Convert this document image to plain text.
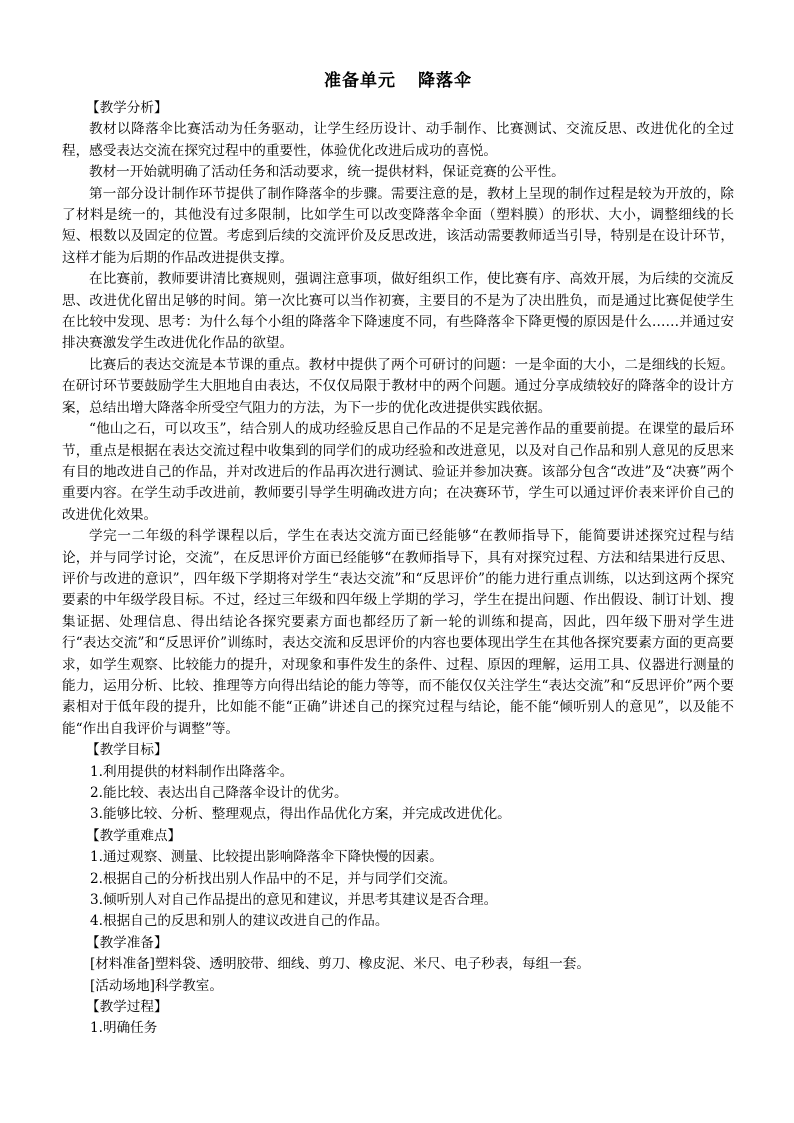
准备单元 降落伞

【教学分析】

教材以降落伞比赛活动为任务驱动，让学生经历设计、动手制作、比赛测试、交流反思、改进优化的全过程，感受表达交流在探究过程中的重要性，体验优化改进后成功的喜悦。

教材一开始就明确了活动任务和活动要求，统一提供材料，保证竞赛的公平性。

第一部分设计制作环节提供了制作降落伞的步骤。需要注意的是，教材上呈现的制作过程是较为开放的，除了材料是统一的，其他没有过多限制，比如学生可以改变降落伞伞面（塑料膜）的形状、大小，调整细线的长短、根数以及固定的位置。考虑到后续的交流评价及反思改进，该活动需要教师适当引导，特别是在设计环节，这样才能为后期的作品改进提供支撑。

在比赛前，教师要讲清比赛规则，强调注意事项，做好组织工作，使比赛有序、高效开展，为后续的交流反思、改进优化留出足够的时间。第一次比赛可以当作初赛，主要目的不是为了决出胜负，而是通过比赛促使学生在比较中发现、思考：为什么每个小组的降落伞下降速度不同，有些降落伞下降更慢的原因是什么……并通过安排决赛激发学生改进优化作品的欲望。

比赛后的表达交流是本节课的重点。教材中提供了两个可研讨的问题：一是伞面的大小，二是细线的长短。在研讨环节要鼓励学生大胆地自由表达，不仅仅局限于教材中的两个问题。通过分享成绩较好的降落伞的设计方案，总结出增大降落伞所受空气阻力的方法，为下一步的优化改进提供实践依据。

“他山之石，可以攻玉”，结合别人的成功经验反思自己作品的不足是完善作品的重要前提。在课堂的最后环节，重点是根据在表达交流过程中收集到的同学们的成功经验和改进意见，以及对自己作品和别人意见的反思来有目的地改进自己的作品，并对改进后的作品再次进行测试、验证并参加决赛。该部分包含“改进”及“决赛”两个重要内容。在学生动手改进前，教师要引导学生明确改进方向；在决赛环节，学生可以通过评价表来评价自己的改进优化效果。

学完一二年级的科学课程以后，学生在表达交流方面已经能够“在教师指导下，能简要讲述探究过程与结论，并与同学讨论，交流”，在反思评价方面已经能够“在教师指导下，具有对探究过程、方法和结果进行反思、评价与改进的意识”，四年级下学期将对学生“表达交流”和“反思评价”的能力进行重点训练，以达到这两个探究要素的中年级学段目标。不过，经过三年级和四年级上学期的学习，学生在提出问题、作出假设、制订计划、搜集证据、处理信息、得出结论各探究要素方面也都经历了新一轮的训练和提高，因此，四年级下册对学生进行“表达交流”和“反思评价”训练时，表达交流和反思评价的内容也要体现出学生在其他各探究要素方面的更高要求，如学生观察、比较能力的提升，对现象和事件发生的条件、过程、原因的理解，运用工具、仪器进行测量的能力，运用分析、比较、推理等方向得出结论的能力等等，而不能仅仅关注学生“表达交流”和“反思评价”两个要素相对于低年段的提升，比如能不能“正确”讲述自己的探究过程与结论，能不能“倾听别人的意见”，以及能不能“作出自我评价与调整”等。

【教学目标】

1.利用提供的材料制作出降落伞。

2.能比较、表达出自己降落伞设计的优劣。

3.能够比较、分析、整理观点，得出作品优化方案，并完成改进优化。

【教学重难点】

1.通过观察、测量、比较提出影响降落伞下降快慢的因素。

2.根据自己的分析找出别人作品中的不足，并与同学们交流。

3.倾听别人对自己作品提出的意见和建议，并思考其建议是否合理。

4.根据自己的反思和别人的建议改进自己的作品。

【教学准备】

[材料准备]塑料袋、透明胶带、细线、剪刀、橡皮泥、米尺、电子秒表，每组一套。

[活动场地]科学教室。

【教学过程】

1.明确任务
